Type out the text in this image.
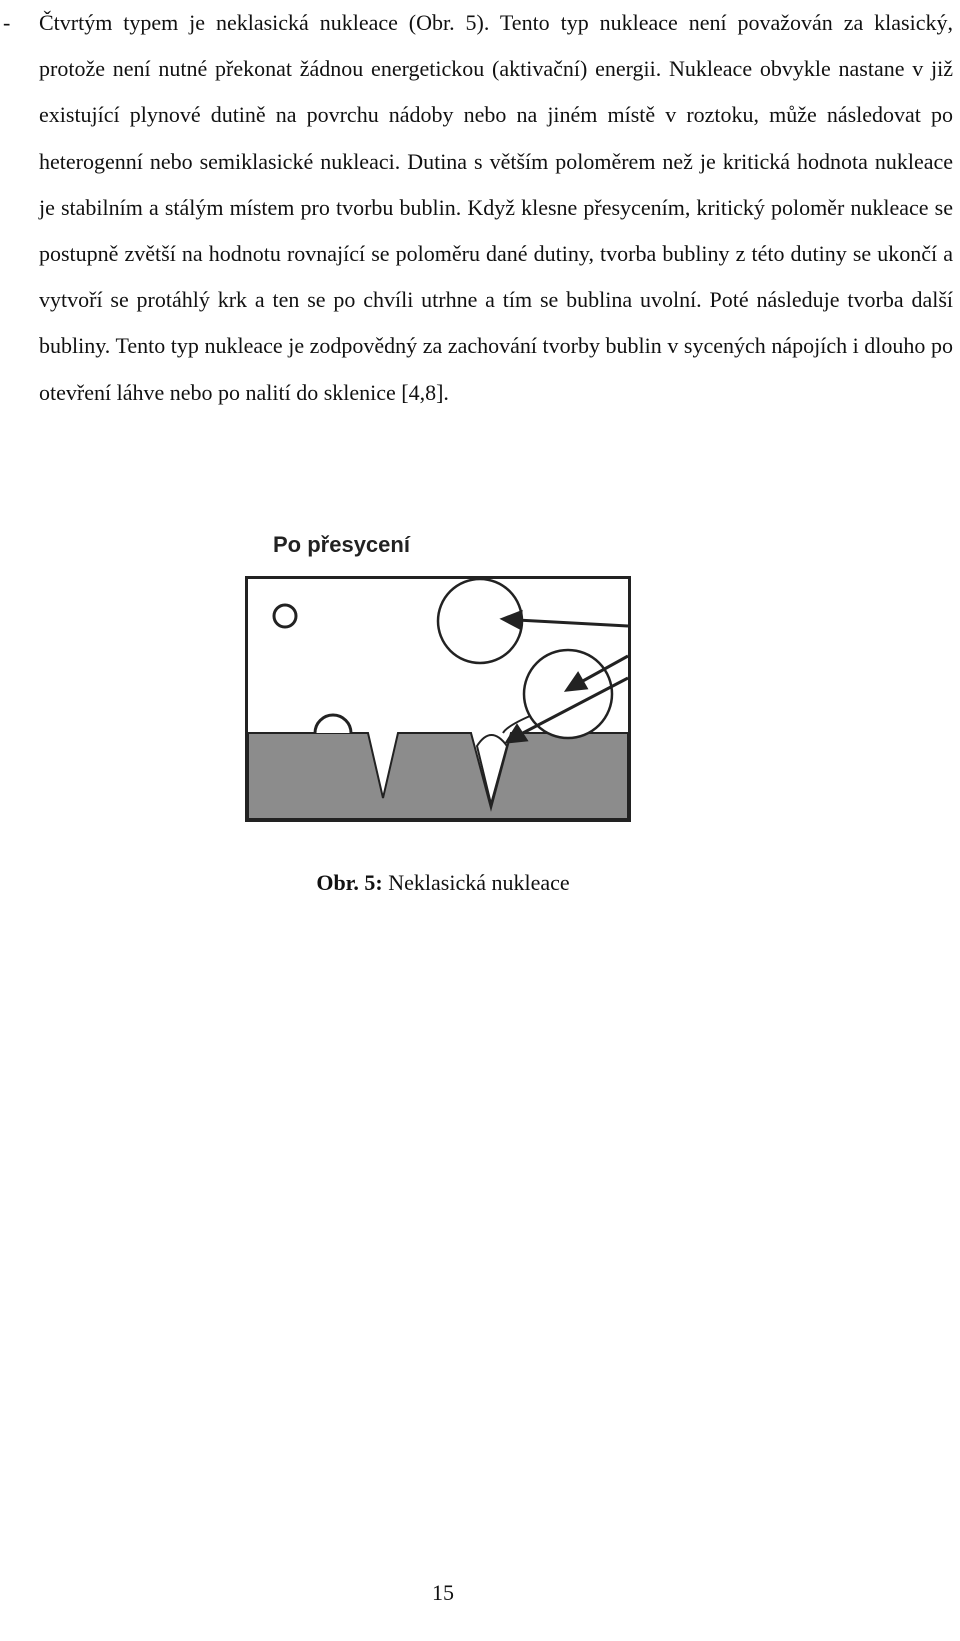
- Čtvrtým typem je neklasická nukleace (Obr. 5). Tento typ nukleace není považován za klasický, protože není nutné překonat žádnou energetickou (aktivační) energii. Nukleace obvykle nastane v již existující plynové dutině na povrchu nádoby nebo na jiném místě v roztoku, může následovat po heterogenní nebo semiklasické nukleaci. Dutina s větším poloměrem než je kritická hodnota nukleace je stabilním a stálým místem pro tvorbu bublin. Když klesne přesycením, kritický poloměr nukleace se postupně zvětší na hodnotu rovnající se poloměru dané dutiny, tvorba bubliny z této dutiny se ukončí a vytvoří se protáhlý krk a ten se po chvíli utrhne a tím se bublina uvolní. Poté následuje tvorba další bubliny. Tento typ nukleace je zodpovědný za zachování tvorby bublin v sycených nápojích i dlouho po otevření láhve nebo po nalití do sklenice [4,8].

Po přesycení
Obr. 5: Neklasická nukleace
15
